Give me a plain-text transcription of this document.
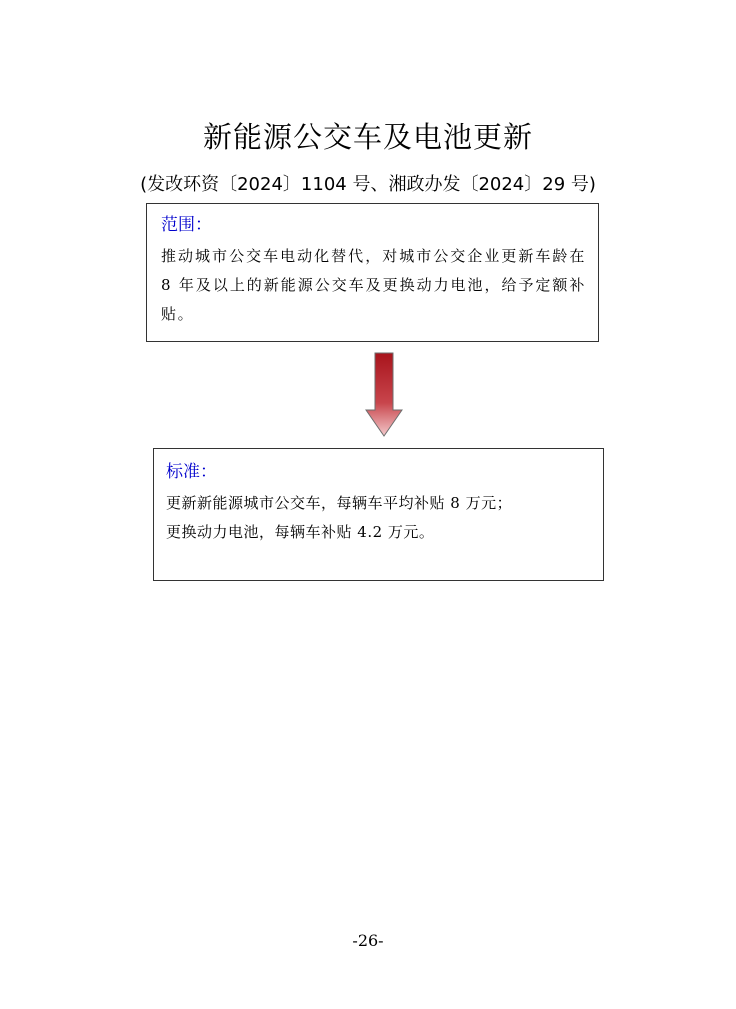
新能源公交车及电池更新
(发改环资〔2024〕1104 号、湘政办发〔2024〕29 号)
范围：
推动城市公交车电动化替代，对城市公交企业更新车龄在 8 年及以上的新能源公交车及更换动力电池，给予定额补贴。
标准：
更新新能源城市公交车，每辆车平均补贴 8 万元；
更换动力电池，每辆车补贴 4.2 万元。
-26-
